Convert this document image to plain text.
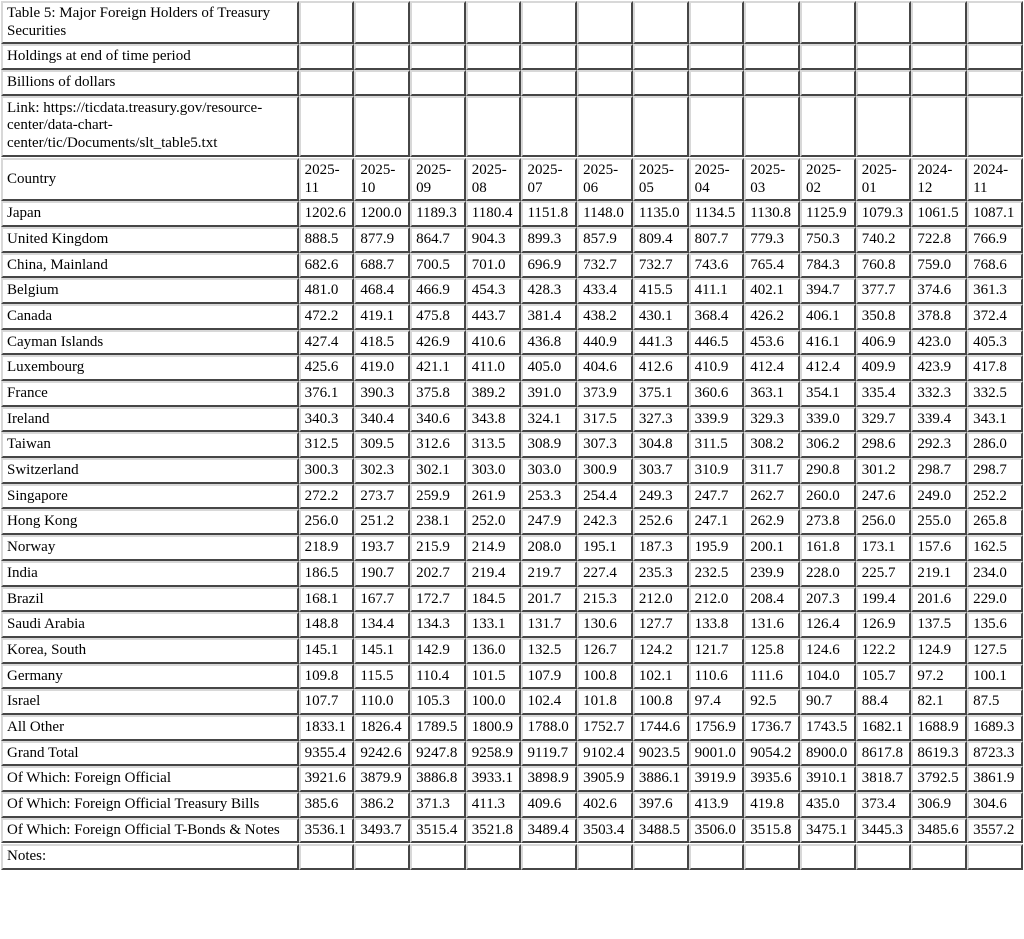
Table 5: Major Foreign Holders of Treasury Securities													
Holdings at end of time period													
Billions of dollars													
Link: https://ticdata.treasury.gov/resource-center/data-chart-center/tic/Documents/slt_table5.txt													
Country	2025-11	2025-10	2025-09	2025-08	2025-07	2025-06	2025-05	2025-04	2025-03	2025-02	2025-01	2024-12	2024-11
Japan	1202.6	1200.0	1189.3	1180.4	1151.8	1148.0	1135.0	1134.5	1130.8	1125.9	1079.3	1061.5	1087.1
United Kingdom	888.5	877.9	864.7	904.3	899.3	857.9	809.4	807.7	779.3	750.3	740.2	722.8	766.9
China, Mainland	682.6	688.7	700.5	701.0	696.9	732.7	732.7	743.6	765.4	784.3	760.8	759.0	768.6
Belgium	481.0	468.4	466.9	454.3	428.3	433.4	415.5	411.1	402.1	394.7	377.7	374.6	361.3
Canada	472.2	419.1	475.8	443.7	381.4	438.2	430.1	368.4	426.2	406.1	350.8	378.8	372.4
Cayman Islands	427.4	418.5	426.9	410.6	436.8	440.9	441.3	446.5	453.6	416.1	406.9	423.0	405.3
Luxembourg	425.6	419.0	421.1	411.0	405.0	404.6	412.6	410.9	412.4	412.4	409.9	423.9	417.8
France	376.1	390.3	375.8	389.2	391.0	373.9	375.1	360.6	363.1	354.1	335.4	332.3	332.5
Ireland	340.3	340.4	340.6	343.8	324.1	317.5	327.3	339.9	329.3	339.0	329.7	339.4	343.1
Taiwan	312.5	309.5	312.6	313.5	308.9	307.3	304.8	311.5	308.2	306.2	298.6	292.3	286.0
Switzerland	300.3	302.3	302.1	303.0	303.0	300.9	303.7	310.9	311.7	290.8	301.2	298.7	298.7
Singapore	272.2	273.7	259.9	261.9	253.3	254.4	249.3	247.7	262.7	260.0	247.6	249.0	252.2
Hong Kong	256.0	251.2	238.1	252.0	247.9	242.3	252.6	247.1	262.9	273.8	256.0	255.0	265.8
Norway	218.9	193.7	215.9	214.9	208.0	195.1	187.3	195.9	200.1	161.8	173.1	157.6	162.5
India	186.5	190.7	202.7	219.4	219.7	227.4	235.3	232.5	239.9	228.0	225.7	219.1	234.0
Brazil	168.1	167.7	172.7	184.5	201.7	215.3	212.0	212.0	208.4	207.3	199.4	201.6	229.0
Saudi Arabia	148.8	134.4	134.3	133.1	131.7	130.6	127.7	133.8	131.6	126.4	126.9	137.5	135.6
Korea, South	145.1	145.1	142.9	136.0	132.5	126.7	124.2	121.7	125.8	124.6	122.2	124.9	127.5
Germany	109.8	115.5	110.4	101.5	107.9	100.8	102.1	110.6	111.6	104.0	105.7	97.2	100.1
Israel	107.7	110.0	105.3	100.0	102.4	101.8	100.8	97.4	92.5	90.7	88.4	82.1	87.5
All Other	1833.1	1826.4	1789.5	1800.9	1788.0	1752.7	1744.6	1756.9	1736.7	1743.5	1682.1	1688.9	1689.3
Grand Total	9355.4	9242.6	9247.8	9258.9	9119.7	9102.4	9023.5	9001.0	9054.2	8900.0	8617.8	8619.3	8723.3
Of Which: Foreign Official	3921.6	3879.9	3886.8	3933.1	3898.9	3905.9	3886.1	3919.9	3935.6	3910.1	3818.7	3792.5	3861.9
Of Which: Foreign Official Treasury Bills	385.6	386.2	371.3	411.3	409.6	402.6	397.6	413.9	419.8	435.0	373.4	306.9	304.6
Of Which: Foreign Official T-Bonds & Notes	3536.1	3493.7	3515.4	3521.8	3489.4	3503.4	3488.5	3506.0	3515.8	3475.1	3445.3	3485.6	3557.2
Notes:													
